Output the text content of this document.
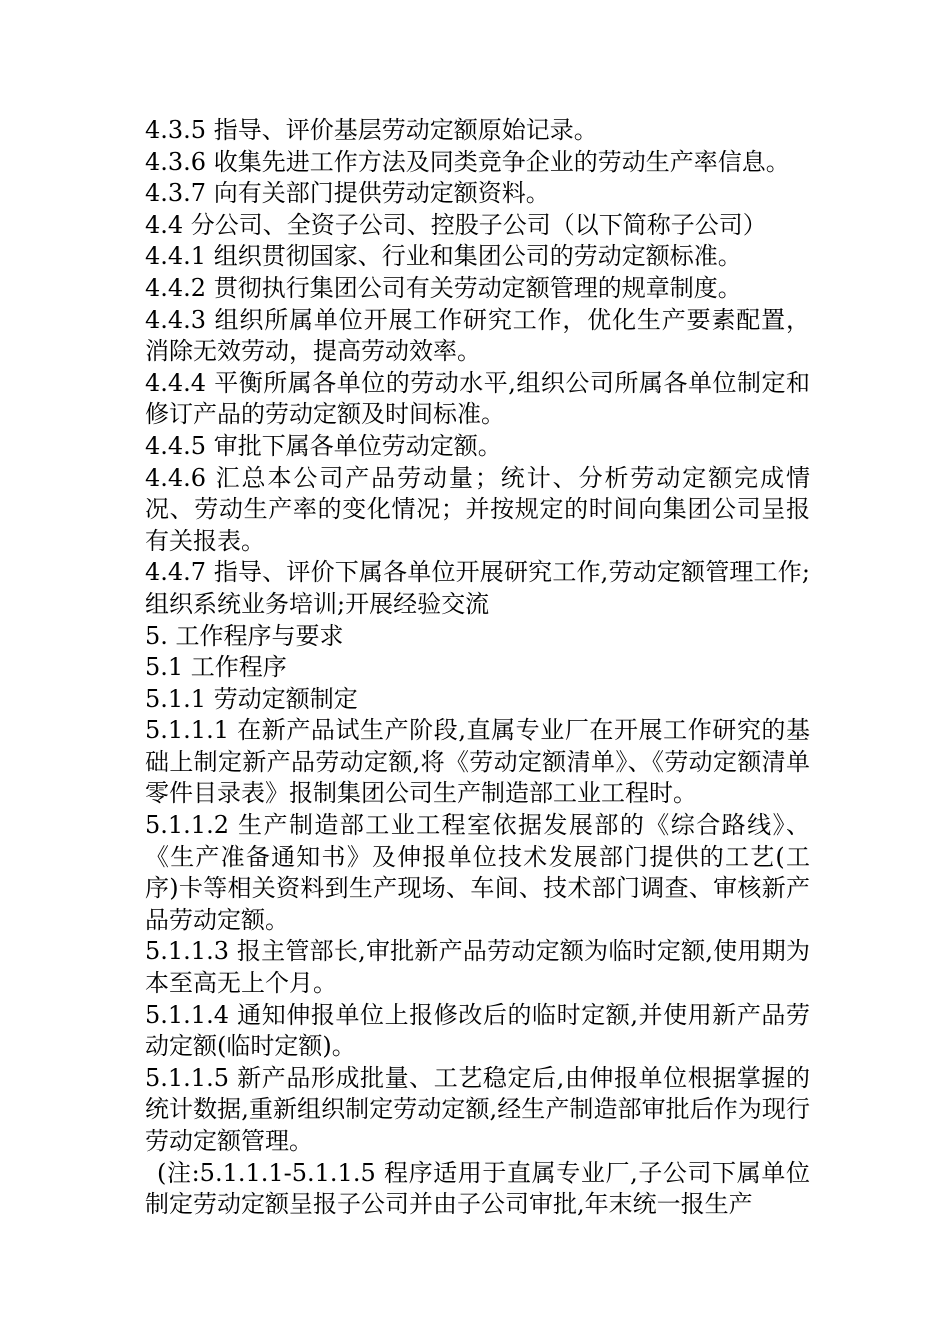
4.3.5 指导、评价基层劳动定额原始记录。

4.3.6 收集先进工作方法及同类竞争企业的劳动生产率信息。

4.3.7 向有关部门提供劳动定额资料。

4.4 分公司、全资子公司、控股子公司（以下简称子公司）

4.4.1 组织贯彻国家、行业和集团公司的劳动定额标准。

4.4.2 贯彻执行集团公司有关劳动定额管理的规章制度。

4.4.3 组织所属单位开展工作研究工作，优化生产要素配置，消除无效劳动，提高劳动效率。

4.4.4 平衡所属各单位的劳动水平,组织公司所属各单位制定和修订产品的劳动定额及时间标准。

4.4.5 审批下属各单位劳动定额。

4.4.6 汇总本公司产品劳动量；统计、分析劳动定额完成情况、劳动生产率的变化情况；并按规定的时间向集团公司呈报有关报表。

4.4.7 指导、评价下属各单位开展研究工作,劳动定额管理工作;组织系统业务培训;开展经验交流

5. 工作程序与要求

5.1 工作程序

5.1.1 劳动定额制定

5.1.1.1 在新产品试生产阶段,直属专业厂在开展工作研究的基础上制定新产品劳动定额,将《劳动定额清单》、《劳动定额清单零件目录表》报制集团公司生产制造部工业工程时。

5.1.1.2 生产制造部工业工程室依据发展部的《综合路线》、《生产准备通知书》及伸报单位技术发展部门提供的工艺(工序)卡等相关资料到生产现场、车间、技术部门调查、审核新产品劳动定额。

5.1.1.3 报主管部长,审批新产品劳动定额为临时定额,使用期为本至高无上个月。

5.1.1.4 通知伸报单位上报修改后的临时定额,并使用新产品劳动定额(临时定额)。

5.1.1.5 新产品形成批量、工艺稳定后,由伸报单位根据掌握的统计数据,重新组织制定劳动定额,经生产制造部审批后作为现行劳动定额管理。

(注:5.1.1.1-5.1.1.5 程序适用于直属专业厂,子公司下属单位制定劳动定额呈报子公司并由子公司审批,年末统一报生产
